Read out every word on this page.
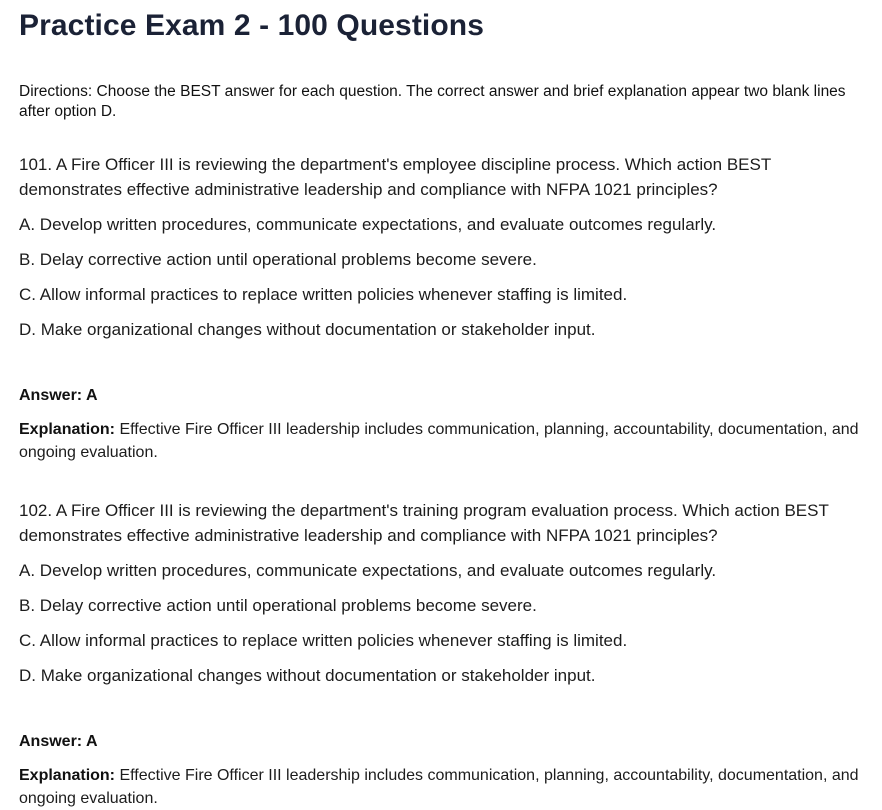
Practice Exam 2 - 100 Questions

Directions: Choose the BEST answer for each question. The correct answer and brief explanation appear two blank lines after option D.

101. A Fire Officer III is reviewing the department's employee discipline process. Which action BEST demonstrates effective administrative leadership and compliance with NFPA 1021 principles?

A. Develop written procedures, communicate expectations, and evaluate outcomes regularly.
B. Delay corrective action until operational problems become severe.
C. Allow informal practices to replace written policies whenever staffing is limited.
D. Make organizational changes without documentation or stakeholder input.

Answer: A

Explanation: Effective Fire Officer III leadership includes communication, planning, accountability, documentation, and ongoing evaluation.

102. A Fire Officer III is reviewing the department's training program evaluation process. Which action BEST demonstrates effective administrative leadership and compliance with NFPA 1021 principles?

A. Develop written procedures, communicate expectations, and evaluate outcomes regularly.
B. Delay corrective action until operational problems become severe.
C. Allow informal practices to replace written policies whenever staffing is limited.
D. Make organizational changes without documentation or stakeholder input.

Answer: A

Explanation: Effective Fire Officer III leadership includes communication, planning, accountability, documentation, and ongoing evaluation.
